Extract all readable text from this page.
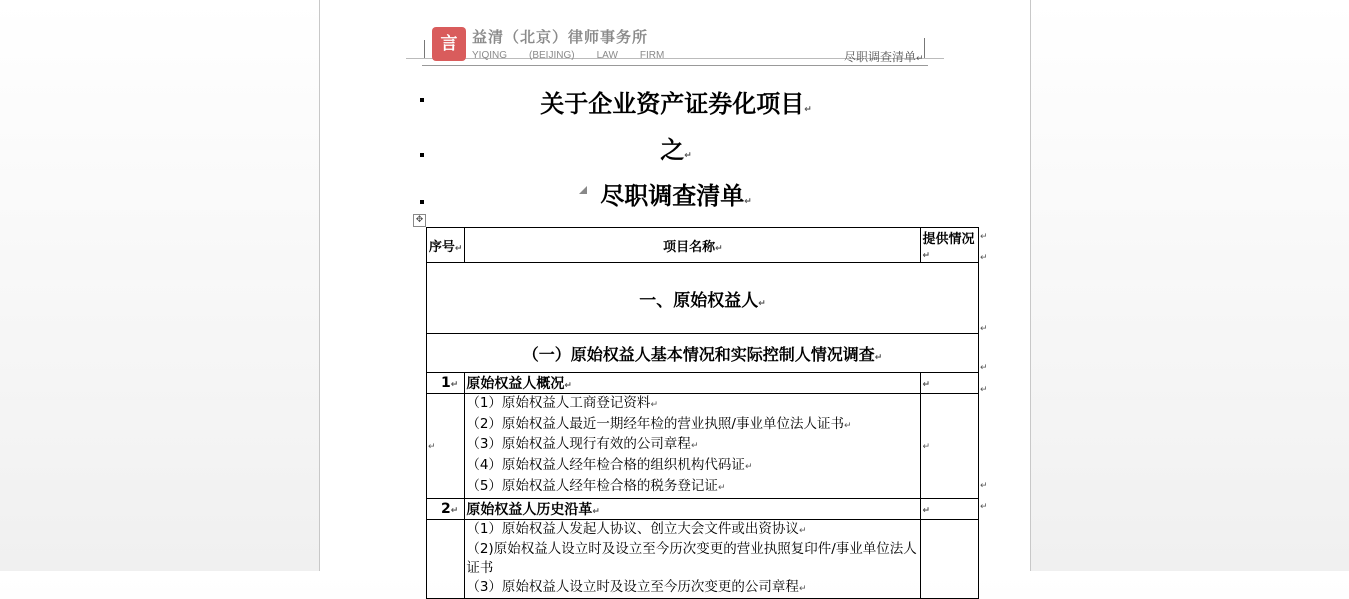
言 益清（北京）律师事务所
YIQING (BEIJING) LAW FIRM	尽职调查清单↵
关于企业资产证券化项目↵
之↵
尽职调查清单↵
✥
序号↵	项目名称↵	提供情况↵
一、原始权益人↵		
（一）原始权益人基本情况和实际控制人情况调查↵		
1↵	原始权益人概况↵	↵
↵	（1）原始权益人工商登记资料↵
（2）原始权益人最近一期经年检的营业执照/事业单位法人证书↵
（3）原始权益人现行有效的公司章程↵
（4）原始权益人经年检合格的组织机构代码证↵
（5）原始权益人经年检合格的税务登记证↵	↵
2↵	原始权益人历史沿革↵	↵

	（1）原始权益人发起人协议、创立大会文件或出资协议↵
（2)原始权益人设立时及设立至今历次变更的营业执照复印件/事业单位法人证书
（3）原始权益人设立时及设立至今历次变更的公司章程↵	

↵
↵
↵
↵
↵
↵
↵
